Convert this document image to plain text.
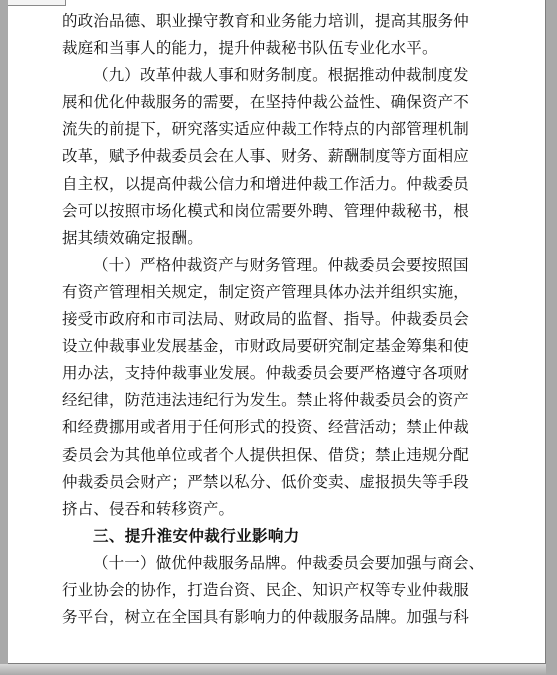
的政治品德、职业操守教育和业务能力培训，提高其服务仲
裁庭和当事人的能力，提升仲裁秘书队伍专业化水平。
（九）改革仲裁人事和财务制度。根据推动仲裁制度发
展和优化仲裁服务的需要，在坚持仲裁公益性、确保资产不
流失的前提下，研究落实适应仲裁工作特点的内部管理机制
改革，赋予仲裁委员会在人事、财务、薪酬制度等方面相应
自主权，以提高仲裁公信力和增进仲裁工作活力。仲裁委员
会可以按照市场化模式和岗位需要外聘、管理仲裁秘书，根
据其绩效确定报酬。
（十）严格仲裁资产与财务管理。仲裁委员会要按照国
有资产管理相关规定，制定资产管理具体办法并组织实施，
接受市政府和市司法局、财政局的监督、指导。仲裁委员会
设立仲裁事业发展基金，市财政局要研究制定基金筹集和使
用办法，支持仲裁事业发展。仲裁委员会要严格遵守各项财
经纪律，防范违法违纪行为发生。禁止将仲裁委员会的资产
和经费挪用或者用于任何形式的投资、经营活动；禁止仲裁
委员会为其他单位或者个人提供担保、借贷；禁止违规分配
仲裁委员会财产；严禁以私分、低价变卖、虚报损失等手段
挤占、侵吞和转移资产。
三、提升淮安仲裁行业影响力
（十一）做优仲裁服务品牌。仲裁委员会要加强与商会、
行业协会的协作，打造台资、民企、知识产权等专业仲裁服
务平台，树立在全国具有影响力的仲裁服务品牌。加强与科
